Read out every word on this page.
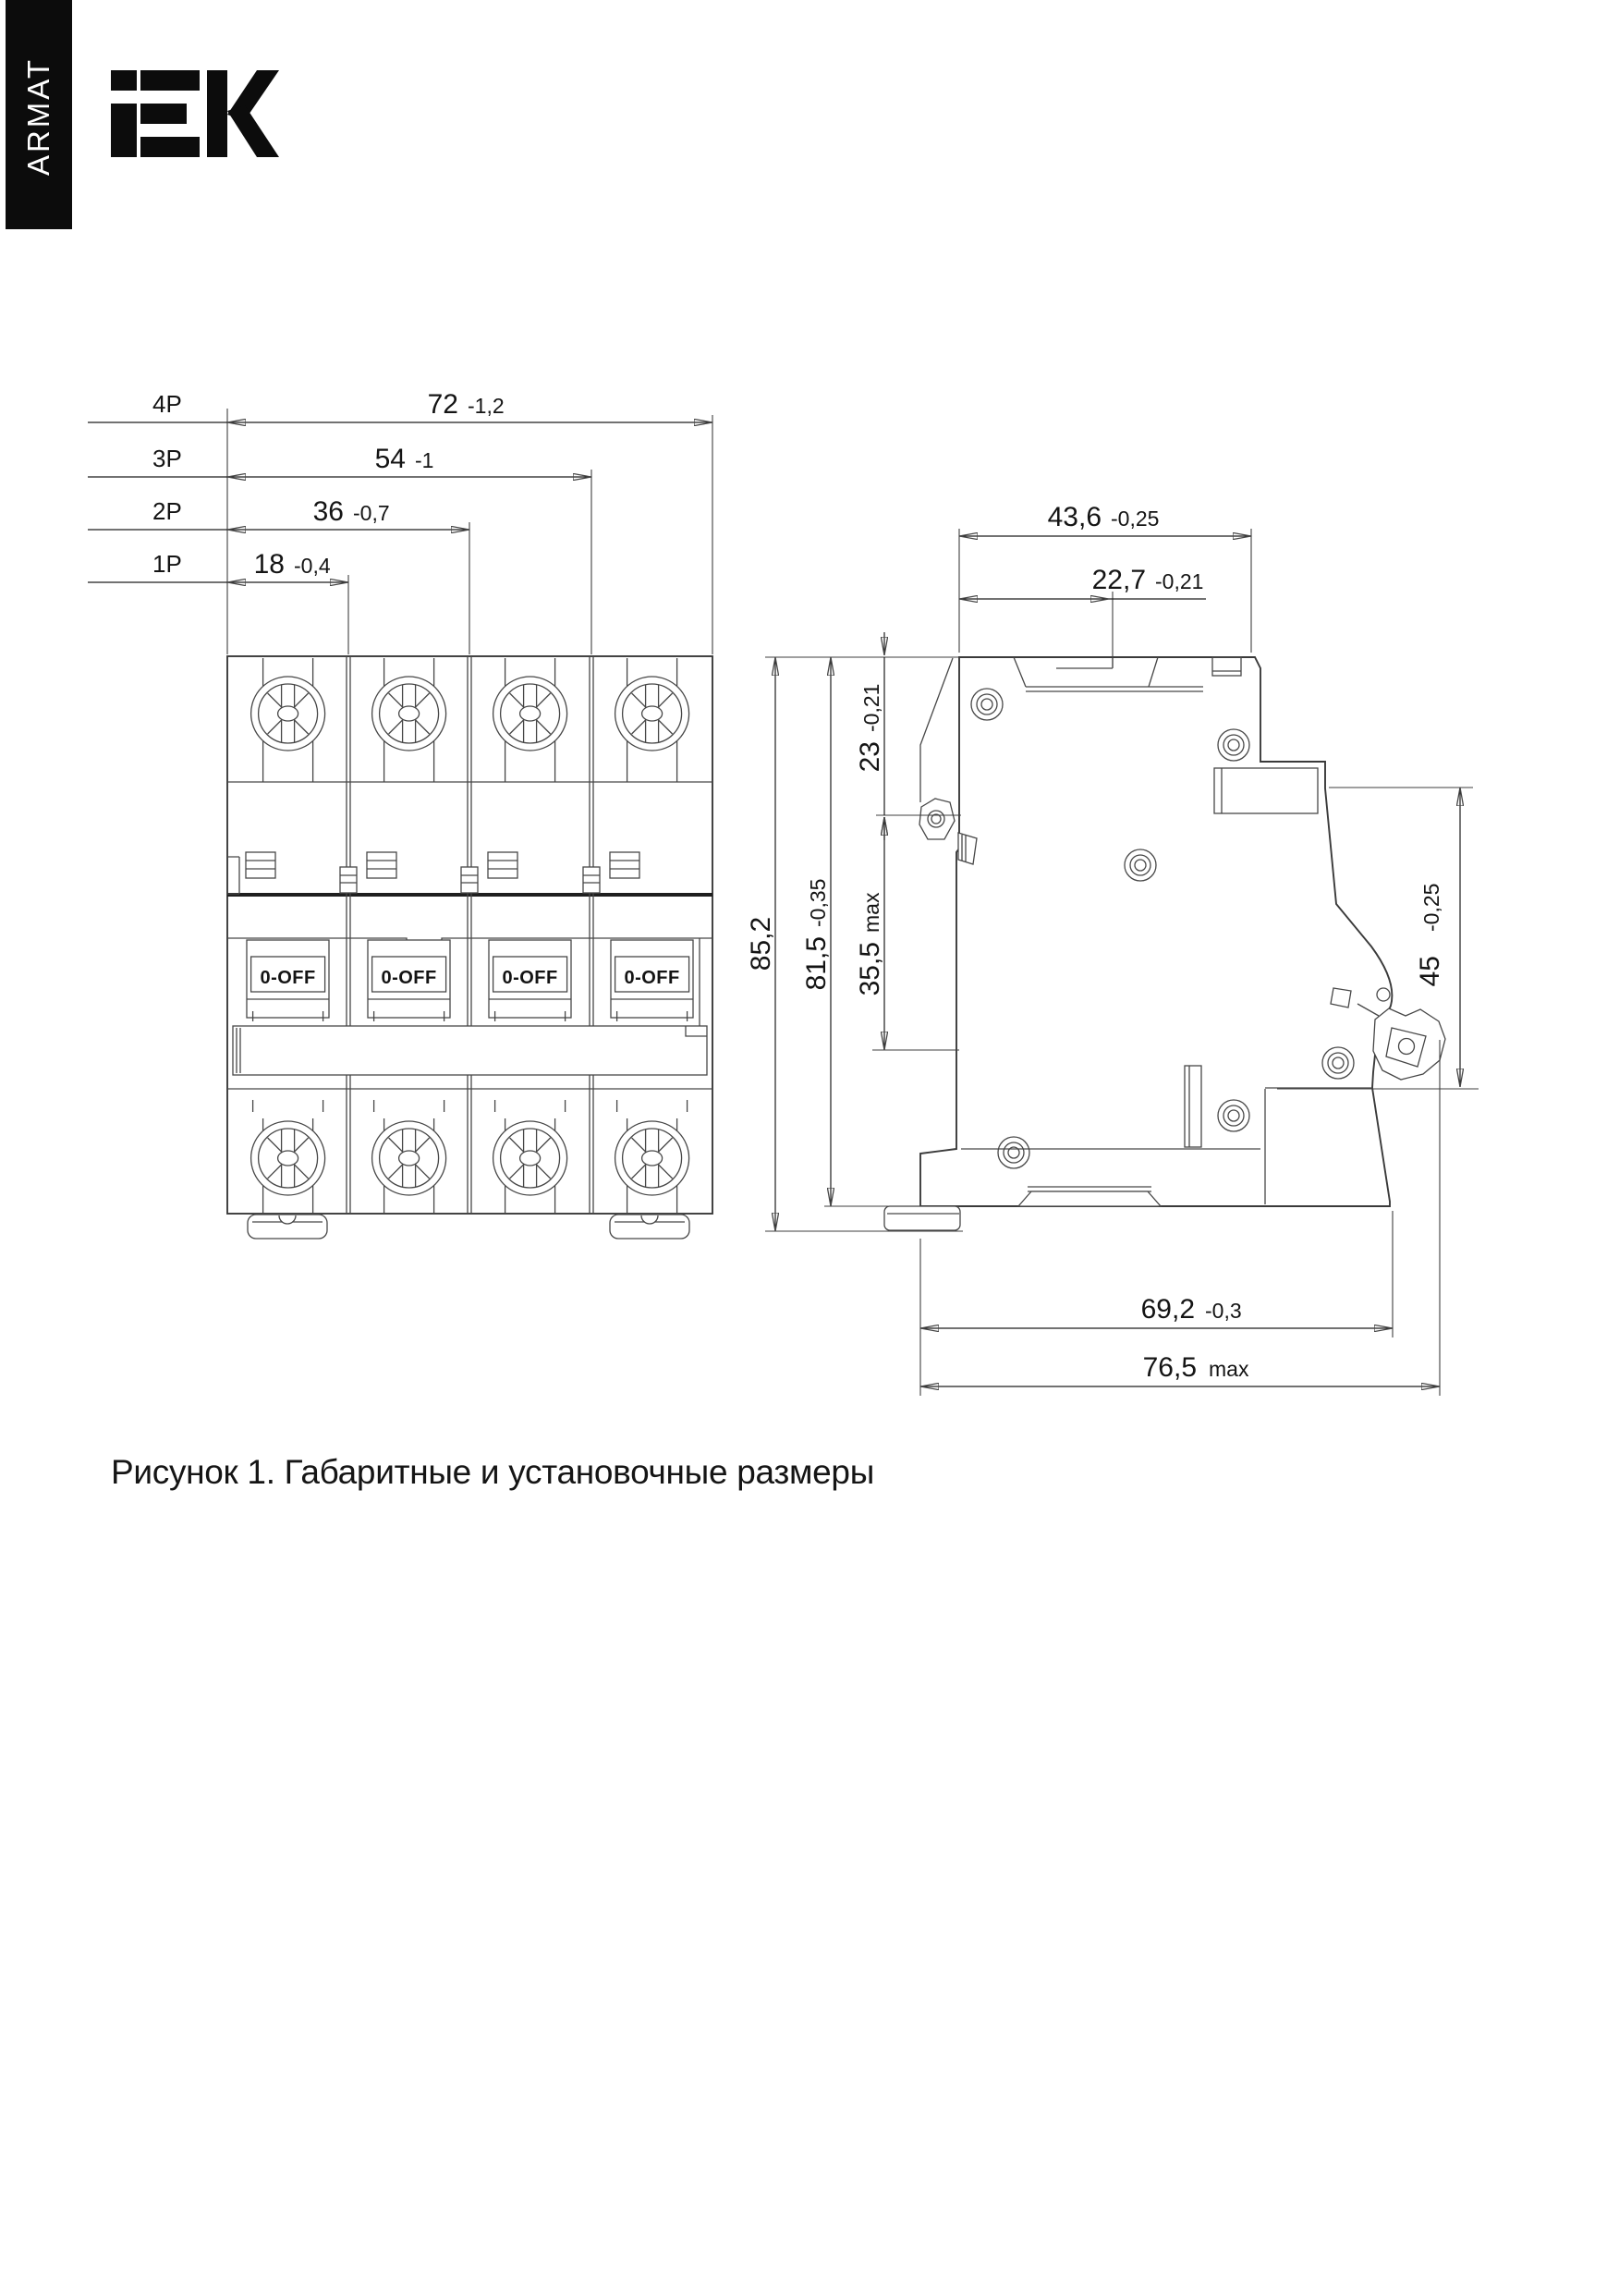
ARMAT
0-OFF
4P	72 -1,2
3P	54 -1
2P	36 -0,7
1P	18 -0,4
43,6 -0,25
22,7 -0,21
85,2 81,5
-0,35
23
-0,21
35,5
max
45
-0,25
69,2 -0,3
76,5 max
Рисунок 1. Габаритные и установочные размеры
